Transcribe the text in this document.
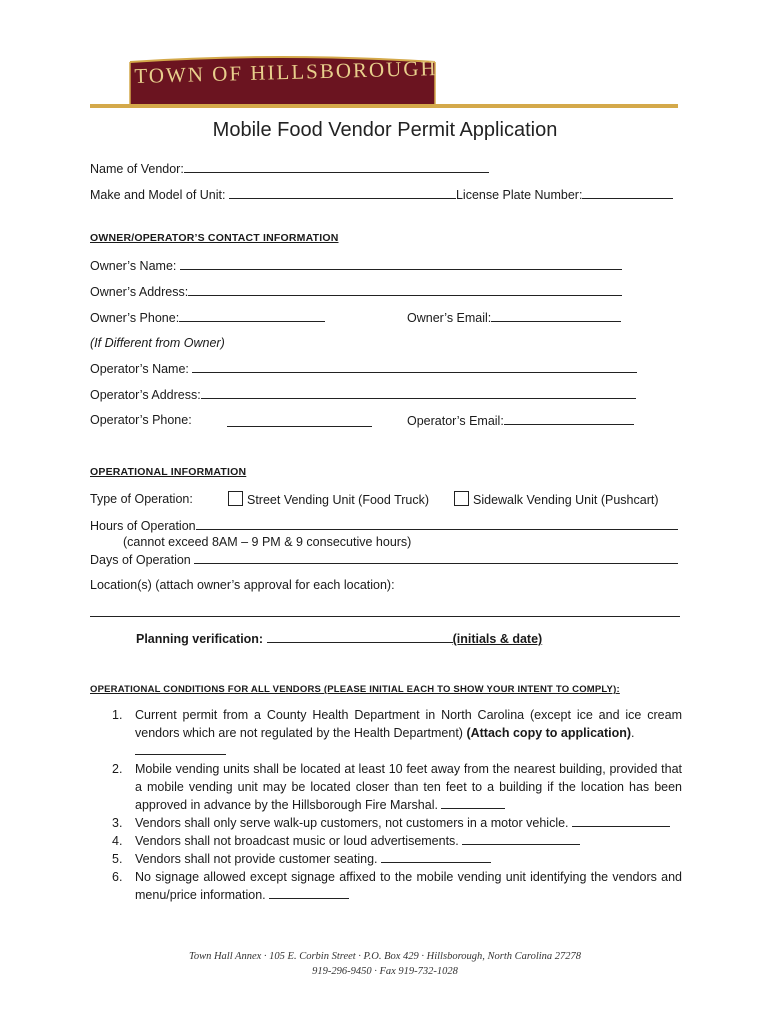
TOWN OF HILLSBOROUGH
Mobile Food Vendor Permit Application
Name of Vendor:
Make and Model of Unit:	License Plate Number:
OWNER/OPERATOR’S CONTACT INFORMATION
Owner’s Name:
Owner’s Address:
Owner’s Phone:	Owner’s Email:
(If Different from Owner)
Operator’s Name:
Operator’s Address:
Operator’s Phone:	Operator’s Email:
OPERATIONAL INFORMATION
Type of Operation:	Street Vending Unit (Food Truck)	Sidewalk Vending Unit (Pushcart)
Hours of Operation
(cannot exceed 8AM – 9 PM & 9 consecutive hours)
Days of Operation
Location(s) (attach owner’s approval for each location):
Planning verification:	(initials & date)
OPERATIONAL CONDITIONS FOR ALL VENDORS (PLEASE INITIAL EACH TO SHOW YOUR INTENT TO COMPLY):
1. Current permit from a County Health Department in North Carolina (except ice and ice cream vendors which are not regulated by the Health Department) (Attach copy to application).

2. Mobile vending units shall be located at least 10 feet away from the nearest building, provided that a mobile vending unit may be located closer than ten feet to a building if the location has been approved in advance by the Hillsborough Fire Marshal.
3. Vendors shall only serve walk-up customers, not customers in a motor vehicle.
4. Vendors shall not broadcast music or loud advertisements.
5. Vendors shall not provide customer seating.
6. No signage allowed except signage affixed to the mobile vending unit identifying the vendors and menu/price information.
Town Hall Annex · 105 E. Corbin Street · P.O. Box 429 · Hillsborough, North Carolina 27278
919-296-9450 · Fax 919-732-1028
